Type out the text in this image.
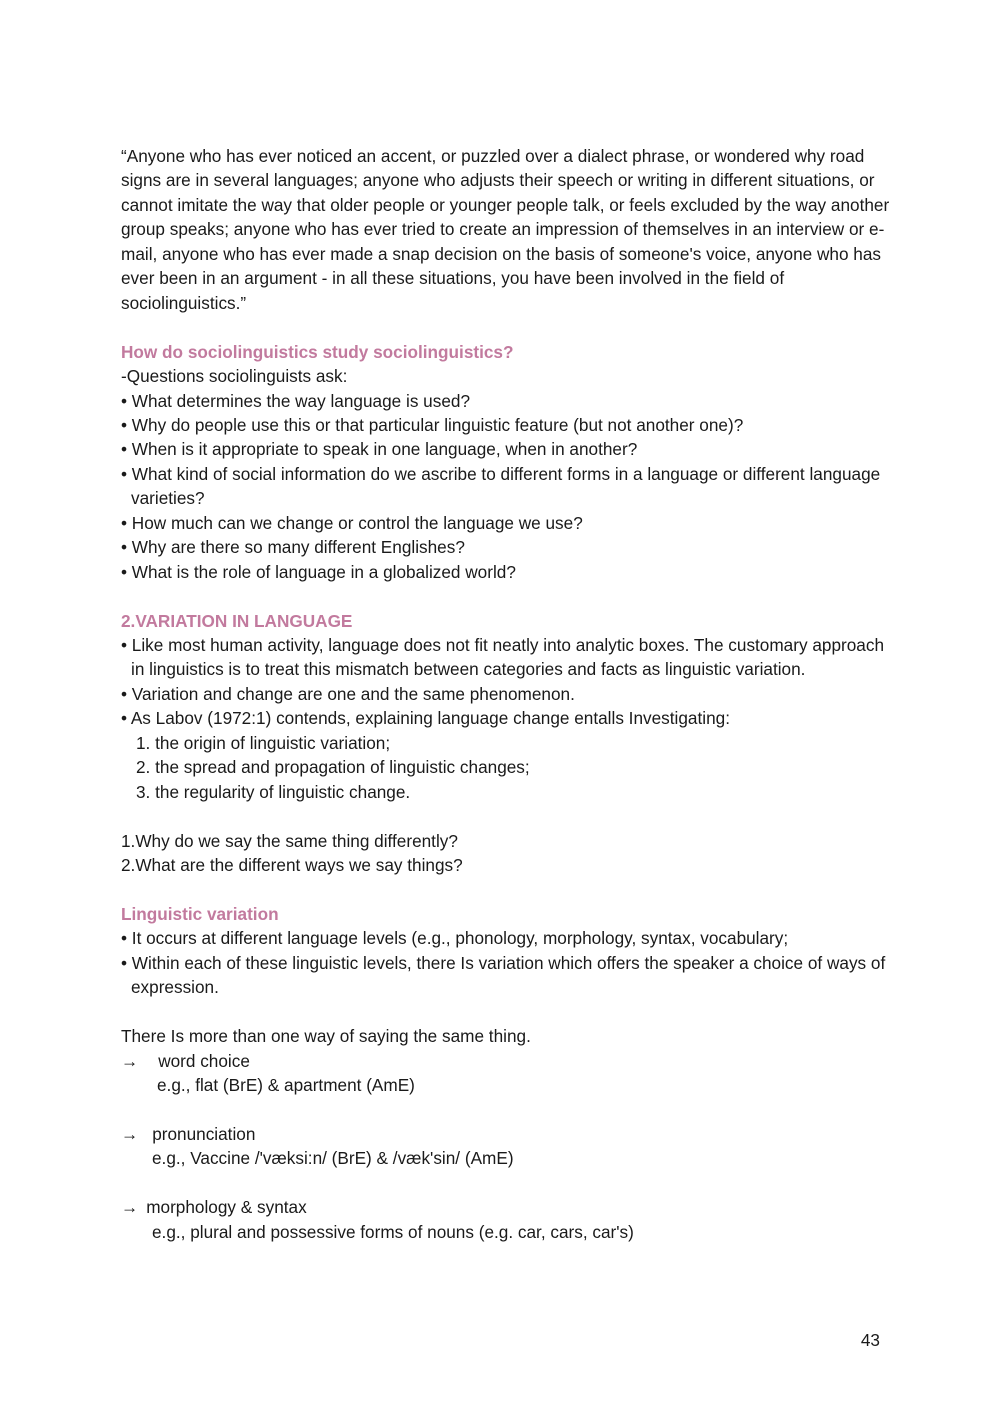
“Anyone who has ever noticed an accent, or puzzled over a dialect phrase, or wondered why road signs are in several languages; anyone who adjusts their speech or writing in different situations, or cannot imitate the way that older people or younger people talk, or feels excluded by the way another group speaks; anyone who has ever tried to create an impression of themselves in an interview or e-mail, anyone who has ever made a snap decision on the basis of someone's voice, anyone who has ever been in an argument - in all these situations, you have been involved in the field of sociolinguistics.”

How do sociolinguistics study sociolinguistics?

-Questions sociolinguists ask:

• What determines the way language is used?

• Why do people use this or that particular linguistic feature (but not another one)?

• When is it appropriate to speak in one language, when in another?

• What kind of social information do we ascribe to different forms in a language or different language varieties?

• How much can we change or control the language we use?

• Why are there so many different Englishes?

• What is the role of language in a globalized world?

2.VARIATION IN LANGUAGE

• Like most human activity, language does not fit neatly into analytic boxes. The customary approach in linguistics is to treat this mismatch between categories and facts as linguistic variation.

• Variation and change are one and the same phenomenon.

• As Labov (1972:1) contends, explaining language change entalls Investigating:

1. the origin of linguistic variation;

2. the spread and propagation of linguistic changes;

3. the regularity of linguistic change.

1.Why do we say the same thing differently?

2.What are the different ways we say things?

Linguistic variation

• It occurs at different language levels (e.g., phonology, morphology, syntax, vocabulary;

• Within each of these linguistic levels, there Is variation which offers the speaker a choice of ways of expression.

There Is more than one way of saying the same thing.

→ word choice

e.g., flat (BrE) & apartment (AmE)

→ pronunciation

e.g., Vaccine /'væksi:n/ (BrE) & /væk'sin/ (AmE)

→ morphology & syntax

e.g., plural and possessive forms of nouns (e.g. car, cars, car's)

43
